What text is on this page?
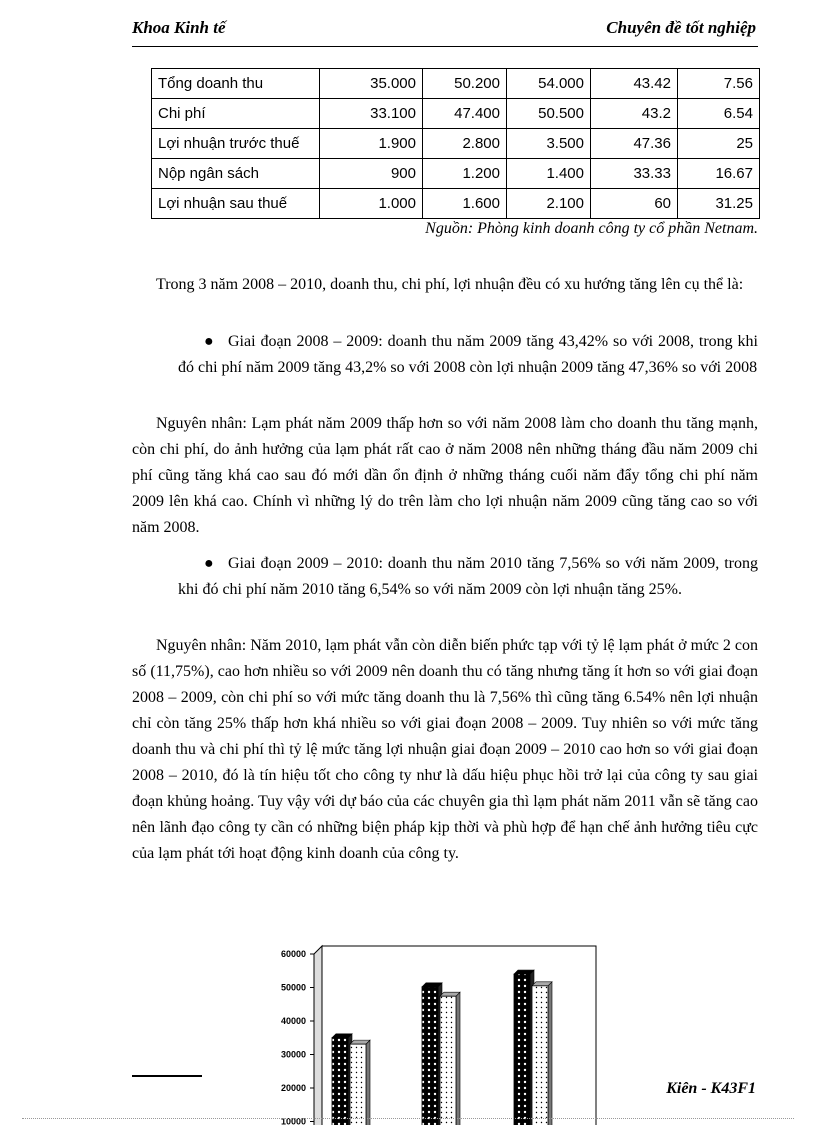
Khoa Kinh tế	Chuyên đề tốt nghiệp
Tổng doanh thu	35.000	50.200	54.000	43.42	7.56
Chi phí	33.100	47.400	50.500	43.2	6.54
Lợi nhuận trước thuế	1.900	2.800	3.500	47.36	25
Nộp ngân sách	900	1.200	1.400	33.33	16.67
Lợi nhuận sau thuế	1.000	1.600	2.100	60	31.25
Nguồn: Phòng kinh doanh công ty cổ phần Netnam.

Trong 3 năm 2008 – 2010, doanh thu, chi phí, lợi nhuận đều có xu hướng tăng lên cụ thể là:

● Giai đoạn 2008 – 2009: doanh thu năm 2009 tăng 43,42% so với 2008, trong khi đó chi phí năm 2009 tăng 43,2% so với 2008 còn lợi nhuận 2009 tăng 47,36% so với 2008

Nguyên nhân: Lạm phát năm 2009 thấp hơn so với năm 2008 làm cho doanh thu tăng mạnh, còn chi phí, do ảnh hưởng của lạm phát rất cao ở năm 2008 nên những tháng đầu năm 2009 chi phí cũng tăng khá cao sau đó mới dần ổn định ở những tháng cuối năm đẩy tổng chi phí năm 2009 lên khá cao. Chính vì những lý do trên làm cho lợi nhuận năm 2009 cũng tăng cao so với năm 2008.

● Giai đoạn 2009 – 2010: doanh thu năm 2010 tăng 7,56% so với năm 2009, trong khi đó chi phí năm 2010 tăng 6,54% so với năm 2009 còn lợi nhuận tăng 25%.

Nguyên nhân: Năm 2010, lạm phát vẫn còn diễn biến phức tạp với tỷ lệ lạm phát ở mức 2 con số (11,75%), cao hơn nhiều so với 2009 nên doanh thu có tăng nhưng tăng ít hơn so với giai đoạn 2008 – 2009, còn chi phí so với mức tăng doanh thu là 7,56% thì cũng tăng 6.54% nên lợi nhuận chỉ còn tăng 25% thấp hơn khá nhiều so với giai đoạn 2008 – 2009. Tuy nhiên so với mức tăng doanh thu và chi phí thì tỷ lệ mức tăng lợi nhuận giai đoạn 2009 – 2010 cao hơn so với giai đoạn 2008 – 2010, đó là tín hiệu tốt cho công ty như là dấu hiệu phục hồi trở lại của công ty sau giai đoạn khủng hoảng. Tuy vậy với dự báo của các chuyên gia thì lạm phát năm 2011 vẫn sẽ tăng cao nên lãnh đạo công ty cần có những biện pháp kịp thời và phù hợp để hạn chế ảnh hưởng tiêu cực của lạm phát tới hoạt động kinh doanh của công ty.

60000
50000
40000
30000
20000
10000
Kiên - K43F1
